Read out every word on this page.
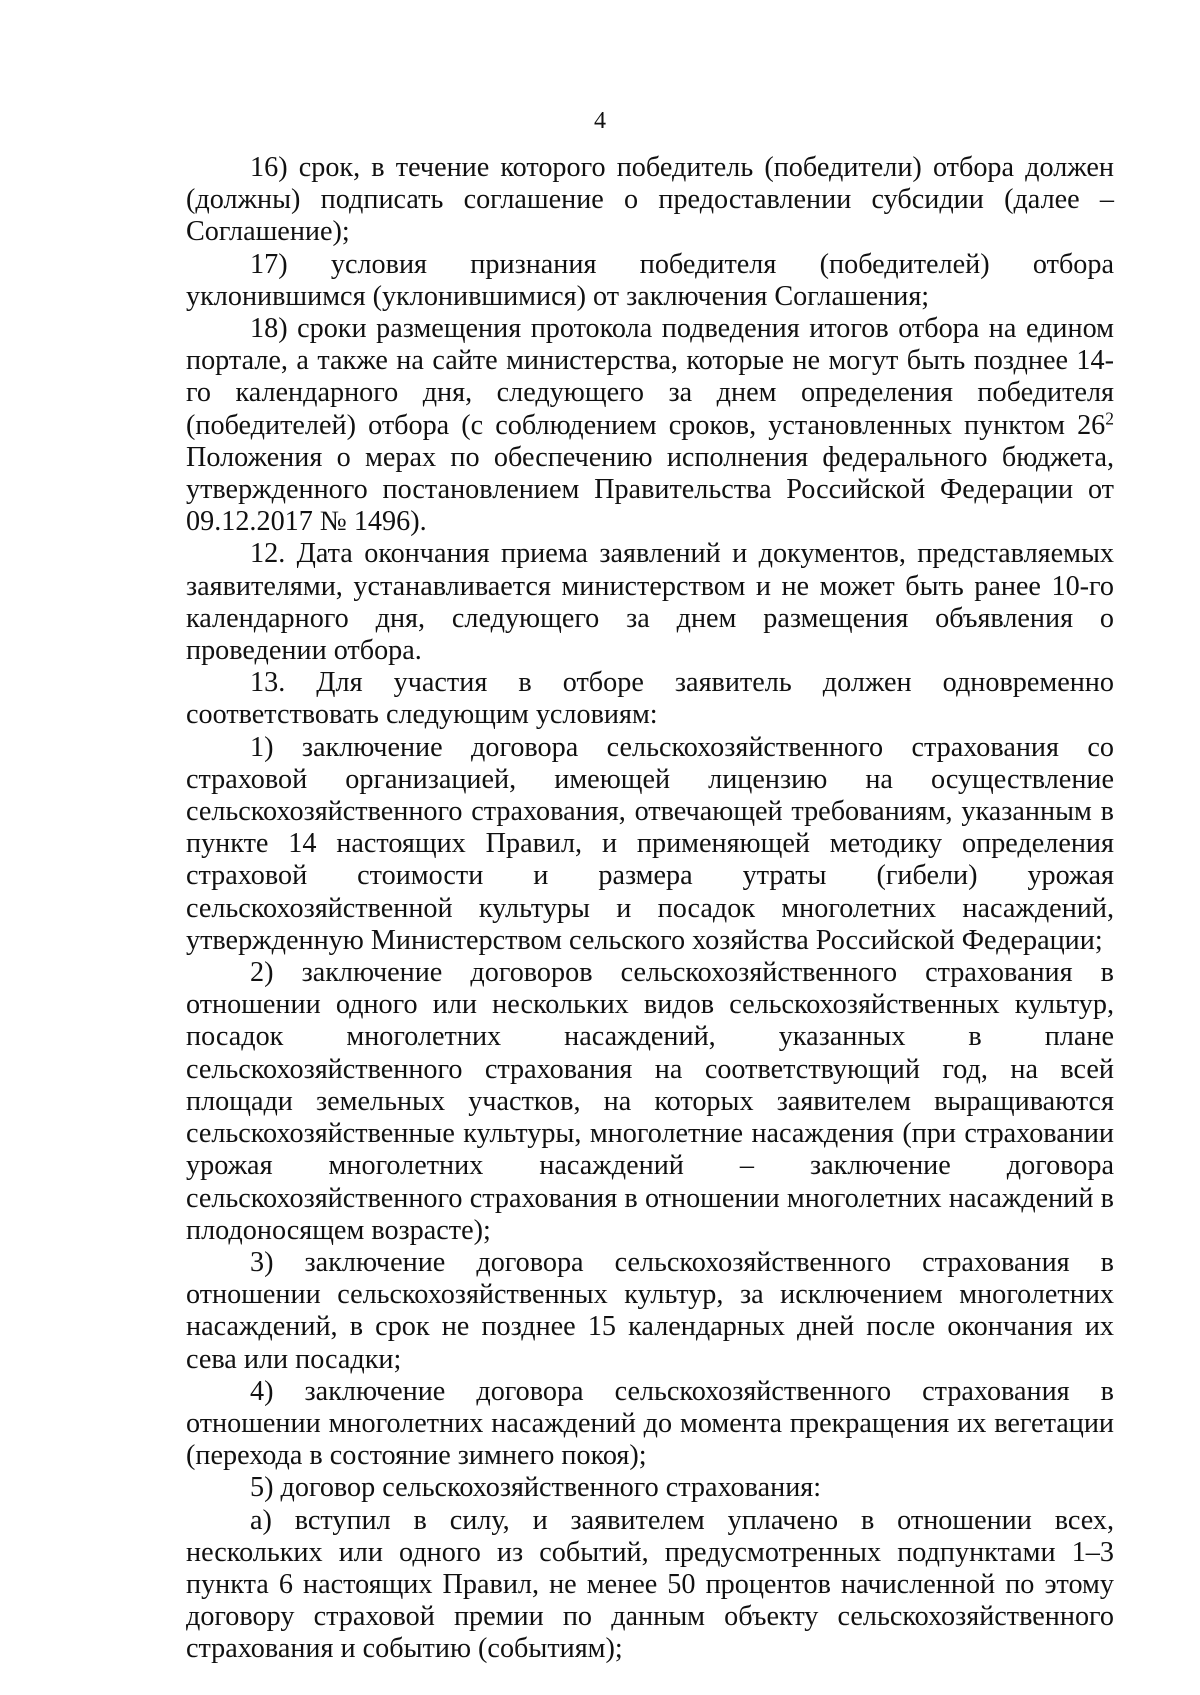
4

16) срок, в течение которого победитель (победители) отбора должен (должны) подписать соглашение о предоставлении субсидии (далее – Соглашение);

17) условия признания победителя (победителей) отбора уклонившимся (уклонившимися) от заключения Соглашения;

18) сроки размещения протокола подведения итогов отбора на едином портале, а также на сайте министерства, которые не могут быть позднее 14-го календарного дня, следующего за днем определения победителя (победителей) отбора (с соблюдением сроков, установленных пунктом $26^2$ Положения о мерах по обеспечению исполнения федерального бюджета, утвержденного постановлением Правительства Российской Федерации от 09.12.2017 № 1496).

12. Дата окончания приема заявлений и документов, представляемых заявителями, устанавливается министерством и не может быть ранее 10-го календарного дня, следующего за днем размещения объявления о проведении отбора.

13. Для участия в отборе заявитель должен одновременно соответствовать следующим условиям:

1) заключение договора сельскохозяйственного страхования со страховой организацией, имеющей лицензию на осуществление сельскохозяйственного страхования, отвечающей требованиям, указанным в пункте 14 настоящих Правил, и применяющей методику определения страховой стоимости и размера утраты (гибели) урожая сельскохозяйственной культуры и посадок многолетних насаждений, утвержденную Министерством сельского хозяйства Российской Федерации;

2) заключение договоров сельскохозяйственного страхования в отношении одного или нескольких видов сельскохозяйственных культур, посадок многолетних насаждений, указанных в плане сельскохозяйственного страхования на соответствующий год, на всей площади земельных участков, на которых заявителем выращиваются сельскохозяйственные культуры, многолетние насаждения (при страховании урожая многолетних насаждений – заключение договора сельскохозяйственного страхования в отношении многолетних насаждений в плодоносящем возрасте);

3) заключение договора сельскохозяйственного страхования в отношении сельскохозяйственных культур, за исключением многолетних насаждений, в срок не позднее 15 календарных дней после окончания их сева или посадки;

4) заключение договора сельскохозяйственного страхования в отношении многолетних насаждений до момента прекращения их вегетации (перехода в состояние зимнего покоя);

5) договор сельскохозяйственного страхования:

а) вступил в силу, и заявителем уплачено в отношении всех, нескольких или одного из событий, предусмотренных подпунктами 1–3 пункта 6 настоящих Правил, не менее 50 процентов начисленной по этому договору страховой премии по данным объекту сельскохозяйственного страхования и событию (событиям);
